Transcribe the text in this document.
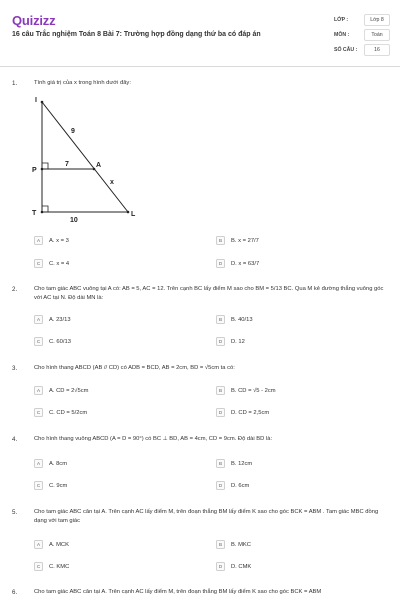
Quizizz
16 câu Trắc nghiệm Toán 8 Bài 7: Trường hợp đồng dạng thứ ba có đáp án
LỚP :	Lớp 8
MÔN :	Toán
SỐ CÂU :	16
1.	Tính giá trị của x trong hình dưới đây:
I
P
A
T	L
9
7
x
10
A	A. x = 3	B	B. x = 27/7
C	C. x = 4	D	D. x = 63/7
2.	Cho tam giác ABC vuông tại A có: AB = 5, AC = 12. Trên cạnh BC lấy điểm M sao cho BM = 5/13 BC. Qua M kẻ đường thẳng vuông góc với AC tại N. Độ dài MN là:
A	A. 23/13	B	B. 40/13
C	C. 60/13	D	D. 12
3.	Cho hình thang ABCD (AB // CD) có ADB = BCD, AB = 2cm, BD = √5cm ta có:
A	A. CD = 2√5cm	B	B. CD = √5 - 2cm
C	C. CD = 5/2cm	D	D. CD = 2,5cm
4.	Cho hình thang vuông ABCD (A = D = 90°) có BC ⊥ BD, AB = 4cm, CD = 9cm. Độ dài BD là:
A	A. 8cm	B	B. 12cm
C	C. 9cm	D	D. 6cm
5.	Cho tam giác ABC cân tại A. Trên cạnh AC lấy điểm M, trên đoạn thẳng BM lấy điểm K sao cho góc BCK = ABM . Tam giác MBC đồng dạng với tam giác
A	A. MCK	B	B. MKC
C	C. KMC	D	D. CMK
6.	Cho tam giác ABC cân tại A. Trên cạnh AC lấy điểm M, trên đoạn thẳng BM lấy điểm K sao cho góc BCK = ABM
